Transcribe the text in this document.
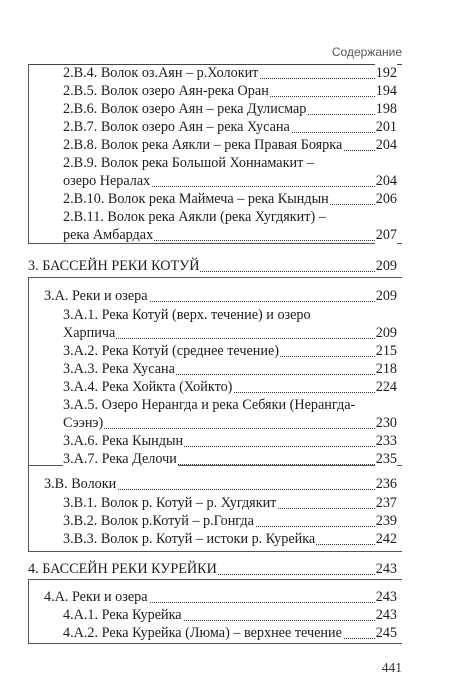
Содержание
2.В.4. Волок оз.Аян – р.Холокит	192
2.В.5. Волок озеро Аян-река Оран	194
2.В.6. Волок озеро Аян – река Дулисмар	198
2.В.7. Волок озеро Аян – река Хусана	201
2.В.8. Волок река Аякли – река Правая Боярка 204
2.В.9. Волок река Большой Хоннамакит –
озеро Нералах	204
2.В.10. Волок река Маймеча – река Кындын	206
2.В.11. Волок река Аякли (река Хугдякит) –
река Амбардах	207
3. БАССЕЙН РЕКИ КОТУЙ	209
3.А. Реки и озера	209
3.А.1. Река Котуй (верх. течение) и озеро
Харпича	209
3.А.2. Река Котуй (среднее течение)	215
3.А.3. Река Хусана	218
3.А.4. Река Хойкта (Хойкто)	224
3.А.5. Озеро Нерангда и река Себяки (Нерангда-
Сээнэ)	230
3.А.6. Река Кындын	233
3.А.7. Река Делочи	235
3.В. Волоки	236
3.В.1. Волок р. Котуй – р. Хугдякит	237
3.В.2. Волок р.Котуй – р.Гонгда	239
3.В.3. Волок р. Котуй – истоки р. Курейка	242
4. БАССЕЙН РЕКИ КУРЕЙКИ	243
4.А. Реки и озера	243
4.А.1. Река Курейка	243
4.А.2. Река Курейка (Люма) – верхнее течение 245
441
